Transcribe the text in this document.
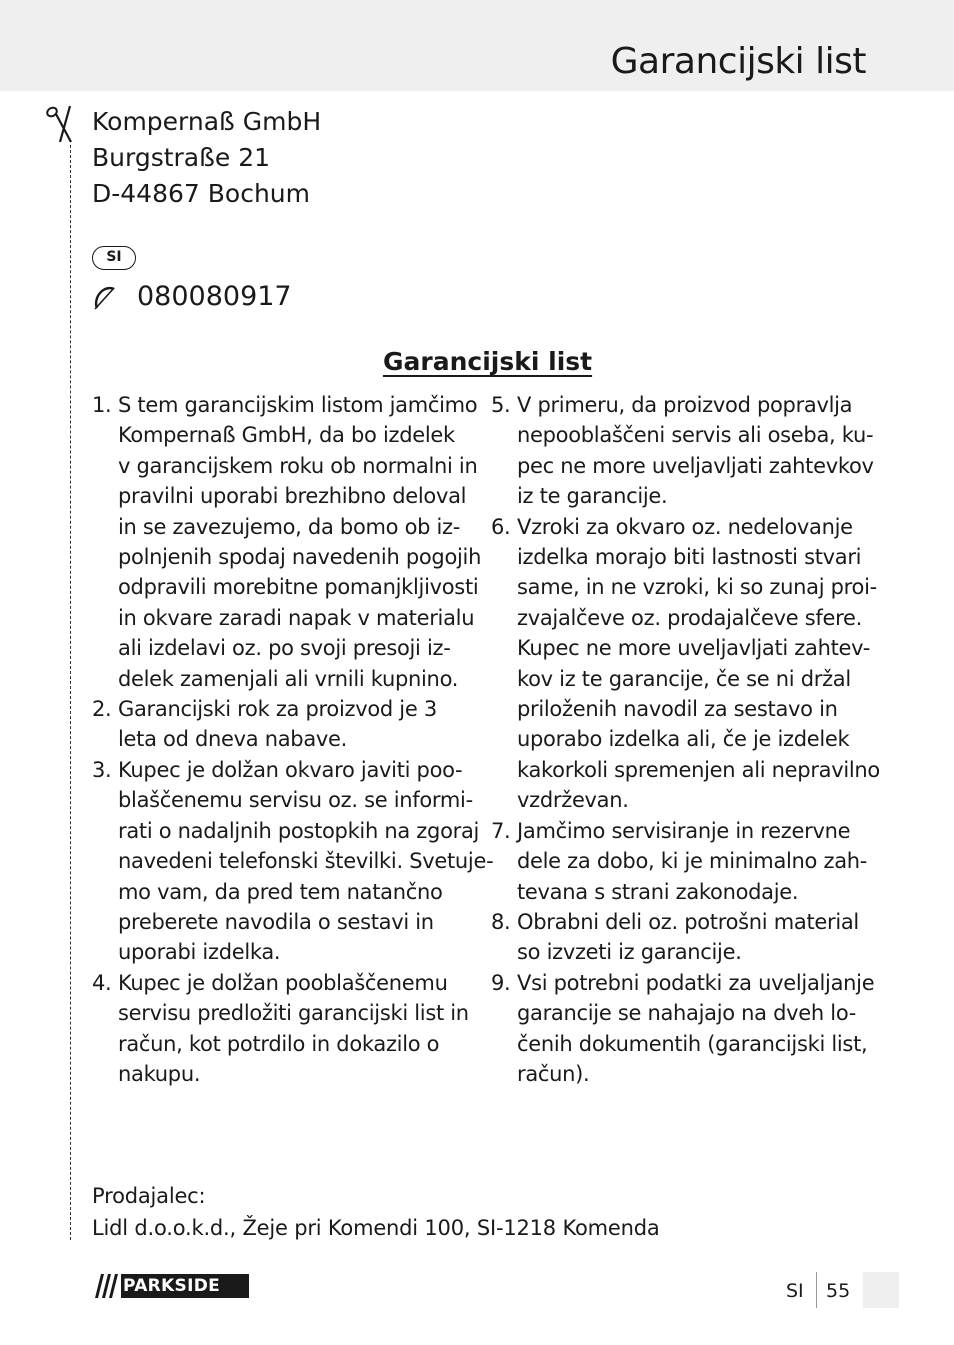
Garancijski list
Kompernaß GmbH
Burgstraße 21
D-44867 Bochum
SI
080080917
Garancijski list
1. S tem garancijskim listom jamčimo
Kompernaß GmbH, da bo izdelek
v garancijskem roku ob normalni in
pravilni uporabi brezhibno deloval
in se zavezujemo, da bomo ob iz-
polnjenih spodaj navedenih pogojih
odpravili morebitne pomanjkljivosti
in okvare zaradi napak v materialu
ali izdelavi oz. po svoji presoji iz-
delek zamenjali ali vrnili kupnino.
2. Garancijski rok za proizvod je 3
leta od dneva nabave.
3. Kupec je dolžan okvaro javiti poo-
blaščenemu servisu oz. se informi-
rati o nadaljnih postopkih na zgoraj
navedeni telefonski številki. Svetuje-
mo vam, da pred tem natančno
preberete navodila o sestavi in
uporabi izdelka.
4. Kupec je dolžan pooblaščenemu
servisu predložiti garancijski list in
račun, kot potrdilo in dokazilo o
nakupu.
5. V primeru, da proizvod popravlja
nepooblaščeni servis ali oseba, ku-
pec ne more uveljavljati zahtevkov
iz te garancije.
6. Vzroki za okvaro oz. nedelovanje
izdelka morajo biti lastnosti stvari
same, in ne vzroki, ki so zunaj proi-
zvajalčeve oz. prodajalčeve sfere.
Kupec ne more uveljavljati zahtev-
kov iz te garancije, če se ni držal
priloženih navodil za sestavo in
uporabo izdelka ali, če je izdelek
kakorkoli spremenjen ali nepravilno
vzdrževan.
7. Jamčimo servisiranje in rezervne
dele za dobo, ki je minimalno zah-
tevana s strani zakonodaje.
8. Obrabni deli oz. potrošni material
so izvzeti iz garancije.
9. Vsi potrebni podatki za uveljaljanje
garancije se nahajajo na dveh lo-
čenih dokumentih (garancijski list,
račun).
Prodajalec:
Lidl d.o.o.k.d., Žeje pri Komendi 100, SI-1218 Komenda
PARKSIDE	SI 55
